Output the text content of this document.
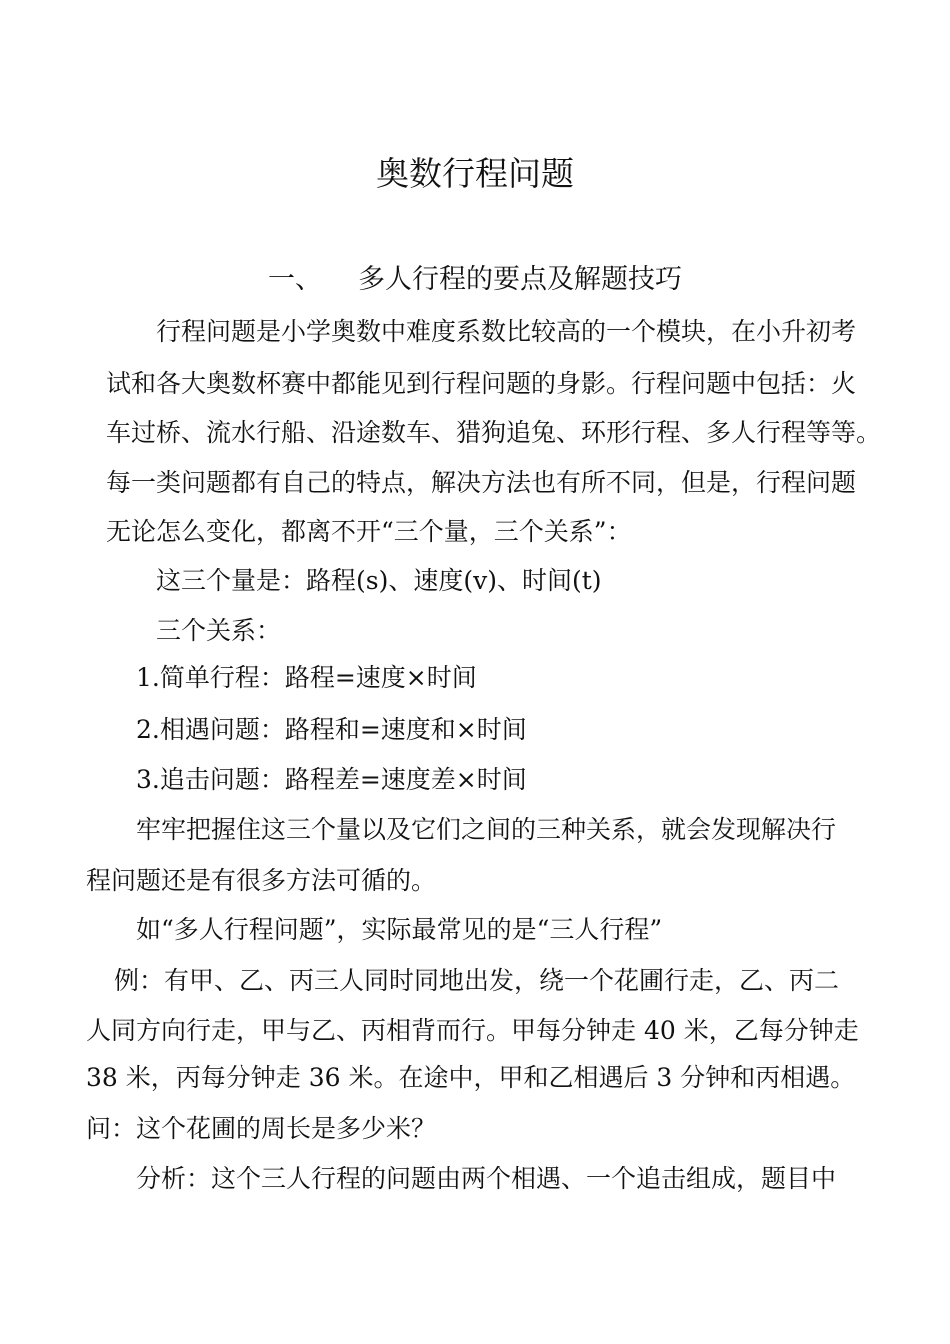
奥数行程问题
一、 多人行程的要点及解题技巧
行程问题是小学奥数中难度系数比较高的一个模块，在小升初考
试和各大奥数杯赛中都能见到行程问题的身影。行程问题中包括：火
车过桥、流水行船、沿途数车、猎狗追兔、环形行程、多人行程等等。
每一类问题都有自己的特点，解决方法也有所不同，但是，行程问题
无论怎么变化，都离不开“三个量，三个关系”：
这三个量是：路程(s)、速度(v)、时间(t)
三个关系：
1.简单行程：路程=速度×时间
2.相遇问题：路程和=速度和×时间
3.追击问题：路程差=速度差×时间
牢牢把握住这三个量以及它们之间的三种关系，就会发现解决行
程问题还是有很多方法可循的。
如“多人行程问题”，实际最常见的是“三人行程”
例：有甲、乙、丙三人同时同地出发，绕一个花圃行走，乙、丙二
人同方向行走，甲与乙、丙相背而行。甲每分钟走 40 米，乙每分钟走
38 米，丙每分钟走 36 米。在途中，甲和乙相遇后 3 分钟和丙相遇。
问：这个花圃的周长是多少米？
分析：这个三人行程的问题由两个相遇、一个追击组成，题目中
